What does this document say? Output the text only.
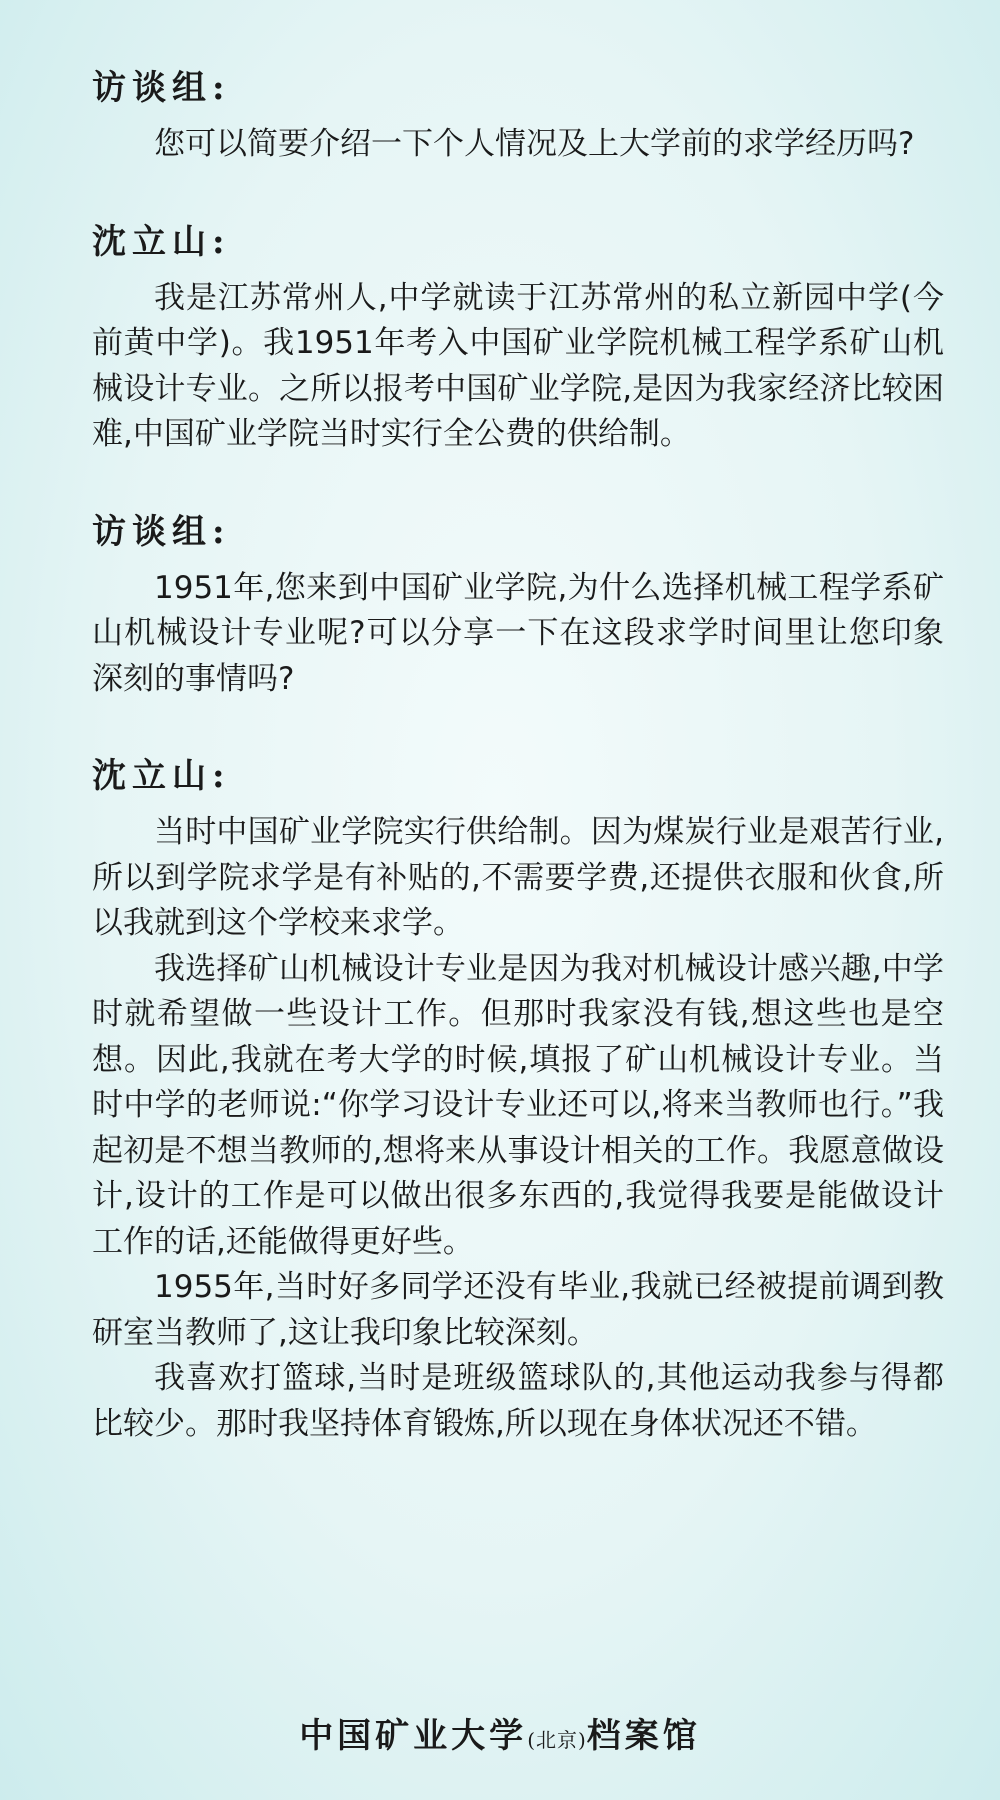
访谈组:

您可以简要介绍一下个人情况及上大学前的求学经历吗?

沈立山:

我是江苏常州人,中学就读于江苏常州的私立新园中学(今前黄中学)。我1951年考入中国矿业学院机械工程学系矿山机械设计专业。之所以报考中国矿业学院,是因为我家经济比较困难,中国矿业学院当时实行全公费的供给制。

访谈组:

1951年,您来到中国矿业学院,为什么选择机械工程学系矿山机械设计专业呢?可以分享一下在这段求学时间里让您印象深刻的事情吗?

沈立山:

当时中国矿业学院实行供给制。因为煤炭行业是艰苦行业,所以到学院求学是有补贴的,不需要学费,还提供衣服和伙食,所以我就到这个学校来求学。

我选择矿山机械设计专业是因为我对机械设计感兴趣,中学时就希望做一些设计工作。但那时我家没有钱,想这些也是空想。因此,我就在考大学的时候,填报了矿山机械设计专业。当时中学的老师说:“你学习设计专业还可以,将来当教师也行。”我起初是不想当教师的,想将来从事设计相关的工作。我愿意做设计,设计的工作是可以做出很多东西的,我觉得我要是能做设计工作的话,还能做得更好些。

1955年,当时好多同学还没有毕业,我就已经被提前调到教研室当教师了,这让我印象比较深刻。

我喜欢打篮球,当时是班级篮球队的,其他运动我参与得都比较少。那时我坚持体育锻炼,所以现在身体状况还不错。

中国矿业大学(北京)档案馆
